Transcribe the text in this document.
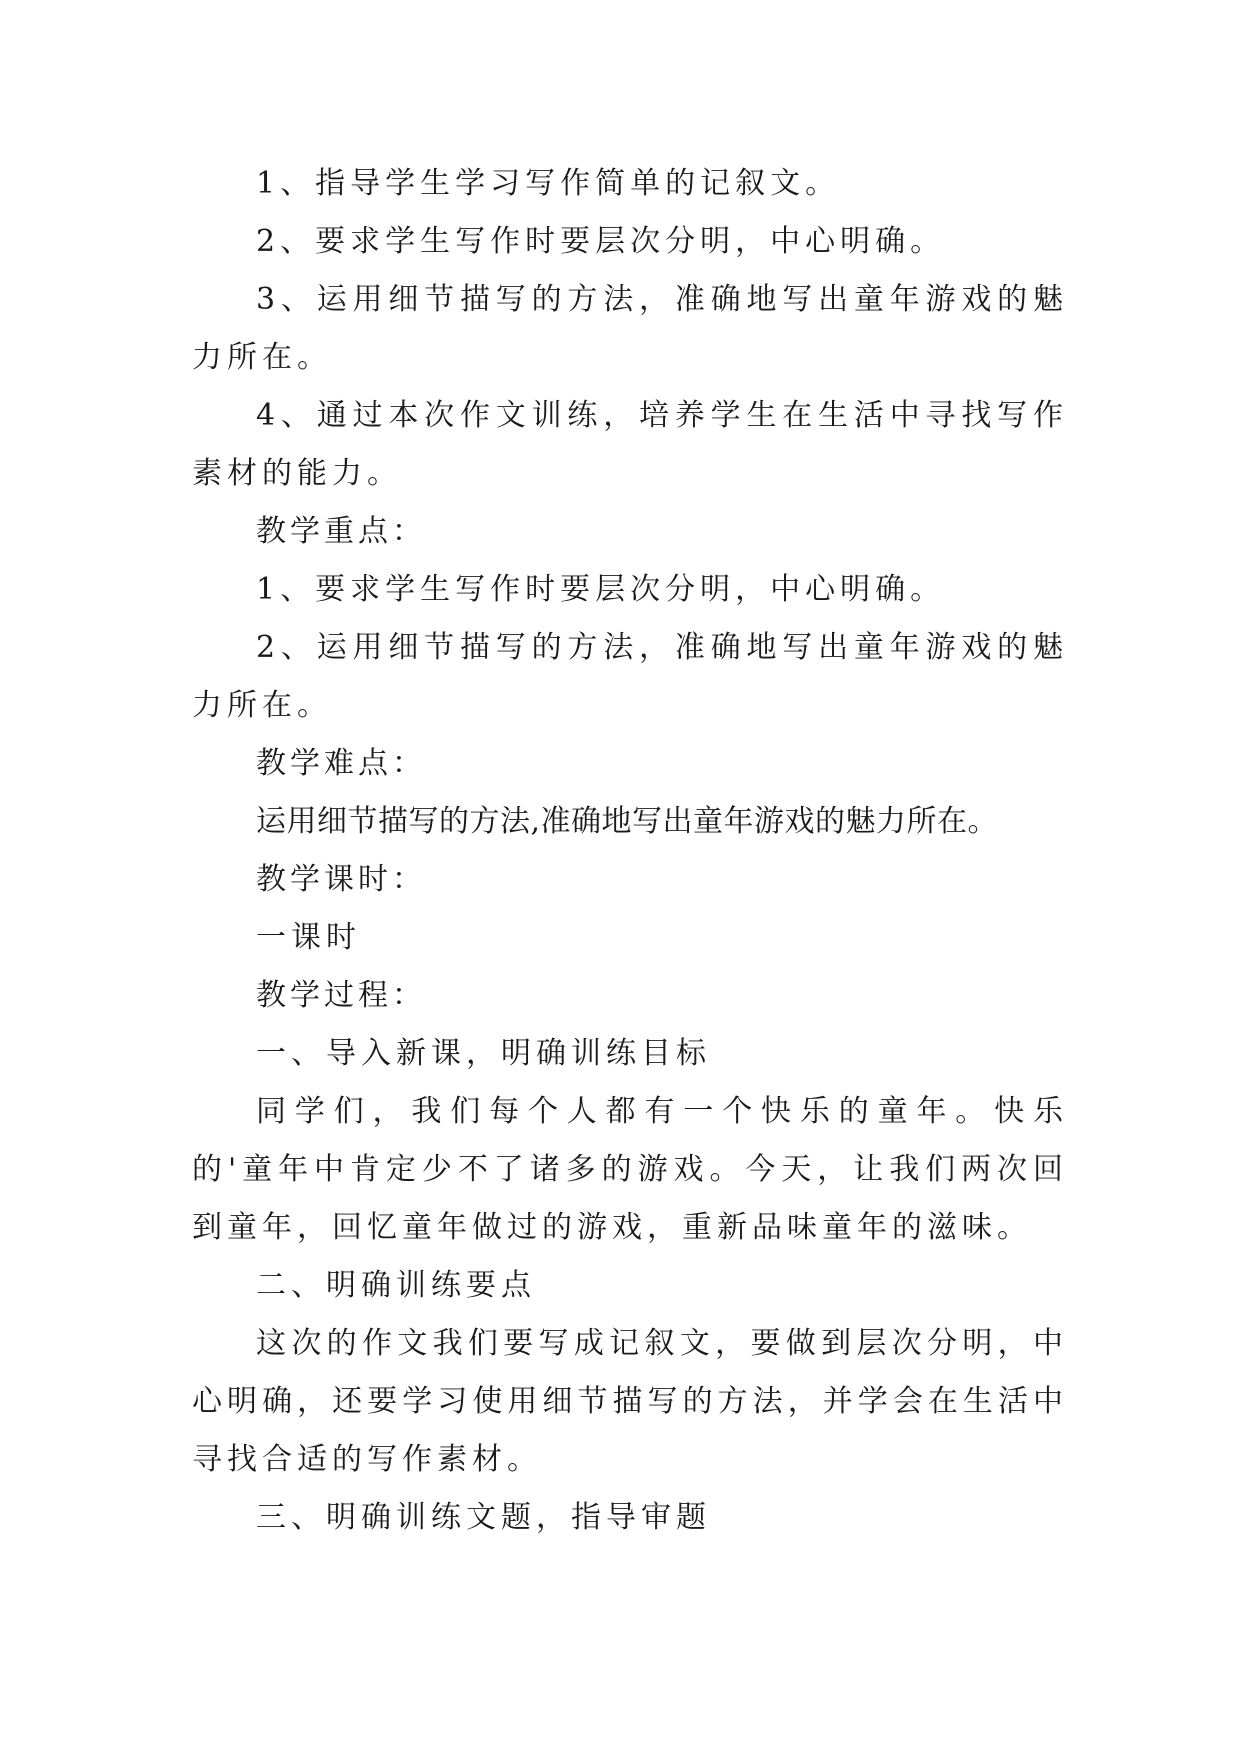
1、指导学生学习写作简单的记叙文。

2、要求学生写作时要层次分明，中心明确。

3、运用细节描写的方法，准确地写出童年游戏的魅力所在。

4、通过本次作文训练，培养学生在生活中寻找写作素材的能力。

教学重点：

1、要求学生写作时要层次分明，中心明确。

2、运用细节描写的方法，准确地写出童年游戏的魅力所在。

教学难点：

运用细节描写的方法,准确地写出童年游戏的魅力所在。

教学课时：

一课时

教学过程：

一、导入新课，明确训练目标

同学们，我们每个人都有一个快乐的童年。快乐的'童年中肯定少不了诸多的游戏。今天，让我们两次回到童年，回忆童年做过的游戏，重新品味童年的滋味。

二、明确训练要点

这次的作文我们要写成记叙文，要做到层次分明，中心明确，还要学习使用细节描写的方法，并学会在生活中寻找合适的写作素材。

三、明确训练文题，指导审题
